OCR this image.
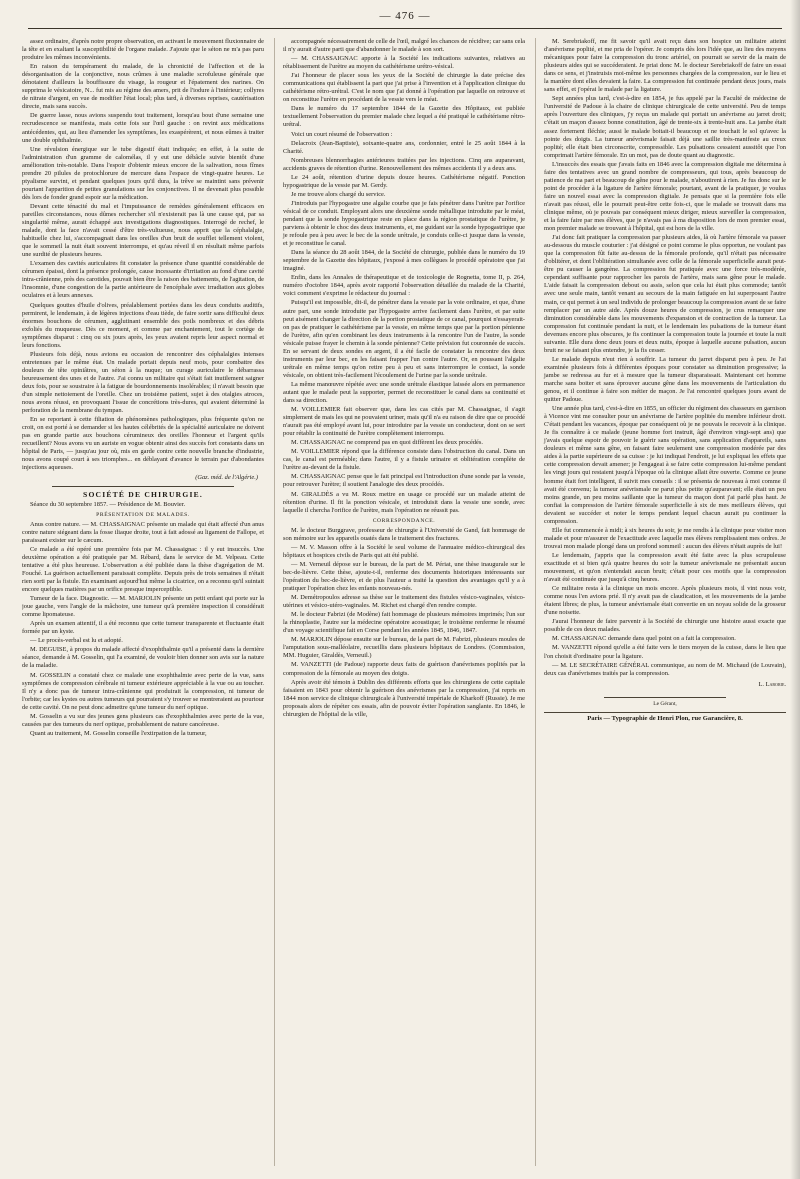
— 476 —

assez ordinaire, d'après notre propre observation, en activant le mouvement fluxionnaire de la tête et en exaltant la susceptibilité de l'organe malade. J'ajoute que le séton ne m'a pas paru produire les mêmes inconvénients.

En raison du tempérament du malade, de la chronicité de l'affection et de la désorganisation de la conjonctive, nous crûmes à une maladie scrofuleuse générale que dénotaient d'ailleurs la bouffissure du visage, la rougeur et l'épatement des narines. On supprima le vésicatoire, N... fut mis au régime des amers, prit de l'iodure à l'intérieur; collyres de nitrate d'argent, en vue de modifier l'état local; plus tard, à diverses reprises, cautérisation directe, mais sans succès.

De guerre lasse, nous avions suspendu tout traitement, lorsqu'au bout d'une semaine une recrudescence se manifesta, mais cette fois sur l'œil gauche : on revint aux médications antécédentes, qui, au lieu d'amender les symptômes, les exaspérèrent, et nous eûmes à traiter une double ophthalmie.

Une révulsion énergique sur le tube digestif était indiquée; en effet, à la suite de l'administration d'un gramme de calomélas, il y eut une débâcle suivie bientôt d'une amélioration très-notable. Dans l'espoir d'obtenir mieux encore de la salivation, nous fîmes prendre 20 pilules de protochlorure de mercure dans l'espace de vingt-quatre heures. Le ptyalisme survint, et pendant quelques jours qu'il dura, la trêve se maintint sans prévenir pourtant l'apparition de petites granulations sur les conjonctives. Il ne devenait plus possible dès lors de fonder grand espoir sur la médication.

Devant cette ténacité du mal et l'impuissance de remèdes généralement efficaces en pareilles circonstances, nous dûmes rechercher s'il n'existerait pas là une cause qui, par sa singularité même, aurait échappé aux investigations diagnostiques. Interrogé de rechef, le malade, dont la face n'avait cessé d'être très-vultueuse, nous apprit que la céphalalgie, habituelle chez lui, s'accompagnait dans les oreilles d'un bruit de soufflet tellement violent, que le sommeil la nuit était souvent interrompu, et qu'au réveil il en résultait même parfois une surdité de plusieurs heures.

L'examen des cavités auriculaires fit constater la présence d'une quantité considérable de cérumen épaissi, dont la présence prolongée, cause incessante d'irritation au fond d'une cavité intra-crânienne, près des carotides, pouvait bien être la raison des battements, de l'agitation, de l'insomnie, d'une congestion de la partie antérieure de l'encéphale avec irradiation aux globes oculaires et à leurs annexes.

Quelques gouttes d'huile d'olives, préalablement portées dans les deux conduits auditifs, permirent, le lendemain, à de légères injections d'eau tiède, de faire sortir sans difficulté deux énormes bouchons de cérumen, agglutinant ensemble des poils nombreux et des débris exfoliés du muqueuse. Dès ce moment, et comme par enchantement, tout le cortège de symptômes disparut : cinq ou six jours après, les yeux avaient repris leur aspect normal et leurs fonctions.

Plusieurs fois déjà, nous avions eu occasion de rencontrer des céphalalgies intenses entretenues par le même état. Un malade portait depuis neuf mois, pour combattre des douleurs de tête opiniâtres, un séton à la nuque; un curage auriculaire le débarrassa heureusement des unes et de l'autre. J'ai connu un militaire qui s'était fait inutilement saigner deux fois, pour se soustraire à la fatigue de bourdonnements insolérables; il n'avait besoin que d'un simple nettoiement de l'oreille. Chez un troisième patient, sujet à des otalgies atroces, nous avons réussi, en provoquant l'issue de concrétions très-dures, qui avaient déterminé la perforation de la membrane du tympan.

En se reportant à cette filiation de phénomènes pathologiques, plus fréquente qu'on ne croit, on est porté à se demander si les hautes célébrités de la spécialité auriculaire ne doivent pas en grande partie aux bouchons cérumineux des oreilles l'honneur et l'argent qu'ils recueillent? Nous avons vu un auriste en vogue obtenir ainsi des succès fort constants dans un hôpital de Paris, — jusqu'au jour où, mis en garde contre cette nouvelle branche d'industrie, nous avons coupé court à ses triomphes... en déblayant d'avance le terrain par d'abondantes injections aqueuses.

(Gaz. méd. de l'Algérie.)
SOCIÉTÉ DE CHIRURGIE.

Séance du 30 septembre 1857. — Présidence de M. Bouvier.

PRÉSENTATION DE MALADES.

Anus contre nature. — M. CHASSAIGNAC présente un malade qui était affecté d'un anus contre nature siégeant dans la fosse iliaque droite, tout à fait adossé au ligament de Fallope, et paraissant exister sur le cæcum.

Ce malade a été opéré une première fois par M. Chassaignac : il y eut insuccès. Une deuxième opération a été pratiquée par M. Rébard, dans le service de M. Velpeau. Cette tentative a été plus heureuse. L'observation a été publiée dans la thèse d'agrégation de M. Fouché. La guérison actuellement paraissait complète. Depuis près de trois semaines il n'était rien sorti par la fistule. En examinant aujourd'hui même la cicatrice, on a reconnu qu'il suintait encore quelques matières par un orifice presque imperceptible.

Tumeur de la face. Diagnostic. — M. MARJOLIN présente un petit enfant qui porte sur la joue gauche, vers l'angle de la mâchoire, une tumeur qu'à première inspection il considérait comme lipomateuse.

Après un examen attentif, il a été reconnu que cette tumeur transparente et fluctuante était formée par un kyste.

— Le procès-verbal est lu et adopté.

M. DEGUISE, à propos du malade affecté d'exophthalmie qu'il a présenté dans la dernière séance, demande à M. Gosselin, qui l'a examiné, de vouloir bien donner son avis sur la nature de la maladie.

M. GOSSELIN a constaté chez ce malade une exophthalmie avec perte de la vue, sans symptômes de compression cérébrale ni tumeur extérieure appréciable à la vue ou au toucher. Il n'y a donc pas de tumeur intra-crânienne qui produirait la compression, ni tumeur de l'orbite; car les kystes ou autres tumeurs qui pourraient s'y trouver se montreraient au pourtour de cette cavité. On ne peut donc admettre qu'une tumeur du nerf optique.

M. Gosselin a vu sur des jeunes gens plusieurs cas d'exophthalmies avec perte de la vue, causées par des tumeurs du nerf optique, probablement de nature cancéreuse.

Quant au traitement, M. Gosselin conseille l'extirpation de la tumeur,

accompagnée nécessairement de celle de l'œil, malgré les chances de récidive; car sans cela il n'y aurait d'autre parti que d'abandonner le malade à son sort.

— M. CHASSAIGNAC apporte à la Société les indications suivantes, relatives au rétablissement de l'urètre au moyen du cathétérisme urétro-vésical.

J'ai l'honneur de placer sous les yeux de la Société de chirurgie la date précise des communications qui établissent la part que j'ai prise à l'invention et à l'application clinique du cathétérisme rétro-urétral. C'est le nom que j'ai donné à l'opération par laquelle on retrouve et on reconstitue l'urètre en procédant de la vessie vers le méat.

Dans le numéro du 17 septembre 1844 de la Gazette des Hôpitaux, est publiée textuellement l'observation du premier malade chez lequel a été pratiqué le cathétérisme rétro-urétral.

Voici un court résumé de l'observation :

Delacroix (Jean-Baptiste), soixante-quatre ans, cordonnier, entré le 25 août 1844 à la Charité.

Nombreuses blennorrhagies antérieures traitées par les injections. Cinq ans auparavant, accidents graves de rétention d'urine. Renouvellement des mêmes accidents il y a deux ans.

Le 24 août, rétention d'urine depuis douze heures. Cathétérisme négatif. Ponction hypogastrique de la vessie par M. Gerdy.

Je me trouve alors chargé du service.

J'introduis par l'hypogastre une algalie courbe que je fais pénétrer dans l'urètre par l'orifice vésical de ce conduit. Employant alors une deuxième sonde métallique introduite par le méat, pendant que la sonde hypogastrique reste en place dans la région prostatique de l'urètre, je parviens à obtenir le choc des deux instruments, et, me guidant sur la sonde hypogastrique que je refoule peu à peu avec le bec de la sonde urétrale, je conduis celle-ci jusque dans la vessie, et je reconstitue le canal.

Dans la séance du 28 août 1844, de la Société de chirurgie, publiée dans le numéro du 19 septembre de la Gazette des hôpitaux, j'exposé à mes collègues le procédé opératoire que j'ai imaginé.

Enfin, dans les Annales de thérapeutique et de toxicologie de Rognetta, tome II, p. 264, numéro d'octobre 1844, après avoir rapporté l'observation détaillée du malade de la Charité, voici comment s'exprime le rédacteur du journal :

Puisqu'il est impossible, dit-il, de pénétrer dans la vessie par la voie ordinaire, et que, d'une autre part, une sonde introduite par l'hypogastre arrive facilement dans l'urètre, et par suite peut aisément changer la direction de la portion prostatique de ce canal, pourquoi n'essayerait-on pas de pratiquer le cathétérisme par la vessie, en même temps que par la portion pénienne de l'urètre, afin qu'en combinant les deux instruments à la rencontre l'un de l'autre, la sonde vésicale puisse frayer le chemin à la sonde pénienne? Cette prévision fut couronnée de succès. En se servant de deux sondes en argent, il a été facile de constater la rencontre des deux instruments par leur bec, en les faisant frapper l'un contre l'autre. Or, en poussant l'algalie urétrale en même temps qu'on retire peu à peu et sans interrompre le contact, la sonde vésicale, on obtient très-facilement l'écoulement de l'urine par la sonde urétrale.

La même manœuvre répétée avec une sonde urétrale élastique laissée alors en permanence autant que le malade peut la supporter, permet de reconstituer le canal dans sa continuité et dans sa direction.

M. VOILLEMIER fait observer que, dans les cas cités par M. Chassaignac, il s'agit simplement de mais les qui ne pouvaient uriner, mais qu'il n'a eu raison de dire que ce procédé n'aurait pas été employé avant lui, pour introduire par la vessie un conducteur, dont on se sert pour rétablir la continuité de l'urètre complètement interrompu.

M. CHASSAIGNAC ne comprend pas en quoi diffèrent les deux procédés.

M. VOILLEMIER répond que la différence consiste dans l'obstruction du canal. Dans un cas, le canal est perméable; dans l'autre, il y a fistule urinaire et oblitération complète de l'urètre au-devant de la fistule.

M. CHASSAIGNAC pense que le fait principal est l'introduction d'une sonde par la vessie, pour retrouver l'urètre; il soutient l'analogie des deux procédés.

M. GIRALDÈS a vu M. Roux mettre en usage ce procédé sur un malade atteint de rétention d'urine. Il fit la ponction vésicale, et introduisit dans la vessie une sonde, avec laquelle il chercha l'orifice de l'urètre, mais l'opération ne réussit pas.

CORRESPONDANCE.

M. le docteur Burggrave, professeur de chirurgie à l'Université de Gand, fait hommage de son mémoire sur les appareils ouatés dans le traitement des fractures.

— M. V. Masson offre à la Société le seul volume de l'annuaire médico-chirurgical des hôpitaux et hospices civils de Paris qui ait été publié.

— M. Verneuil dépose sur le bureau, de la part de M. Périat, une thèse inaugurale sur le bec-de-lièvre. Cette thèse, ajoute-t-il, renferme des documents historiques intéressants sur l'opération du bec-de-lièvre, et de plus l'auteur a traité la question des avantages qu'il y a à pratiquer l'opération chez les enfants nouveau-nés.

M. Demétropoulos adresse sa thèse sur le traitement des fistules vésico-vaginales, vésico-utérines et vésico-utéro-vaginales. M. Richet est chargé d'en rendre compte.

M. le docteur Fabrizi (de Modène) fait hommage de plusieurs mémoires imprimés; l'un sur la rhinoplastie, l'autre sur la médecine opératoire acoustique; le troisième renferme le résumé d'un voyage scientifique fait en Corse pendant les années 1845, 1846, 1847.

M. MARJOLIN dépose ensuite sur le bureau, de la part de M. Fabrizi, plusieurs moules de l'amputation sous-malléolaire, recueillis dans plusieurs hôpitaux de Londres. (Commission, MM. Huguier, Giraldès, Verneuil.)

M. VANZETTI (de Padoue) rapporte deux faits de guérison d'anévrismes poplités par la compression de la fémorale au moyen des doigts.

Après avoir été témoin à Dublin des différents efforts que les chirurgiens de cette capitale faisaient en 1843 pour obtenir la guérison des anévrismes par la compression, j'ai repris en 1844 mon service de clinique chirurgicale à l'université impériale de Kharkoff (Russie). Je me proposais alors de répéter ces essais, afin de pouvoir éviter l'opération sanglante. En 1846, le chirurgien de l'hôpital de la ville,

M. Serebriakoff, me fit savoir qu'il avait reçu dans son hospice un militaire atteint d'anévrisme poplité, et me pria de l'opérer. Je compris dès lors l'idée que, au lieu des moyens mécaniques pour faire la compression du tronc artériel, on pourrait se servir de la main de plusieurs aides qui se succéderaient. Je priai donc M. le docteur Serebriakoff de faire un essai dans ce sens, et j'instruisis moi-même les personnes chargées de la compression, sur le lieu et la manière dont elles devaient la faire. La compression fut continuée pendant deux jours, mais sans effet, et j'opérai le malade par la ligature.

Sept années plus tard, c'est-à-dire en 1854, je fus appelé par la Faculté de médecine de l'université de Padoue à la chaire de clinique chirurgicale de cette université. Peu de temps après l'ouverture des cliniques, j'y reçus un malade qui portait un anévrisme au jarret droit; c'était un maçon d'assez bonne constitution, âgé de trente-six à trente-huit ans. La jambe était assez fortement fléchie; aussi le malade boitait-il beaucoup et ne touchait le sol qu'avec la pointe des doigts. La tumeur anévrismale faisait déjà une saillie très-manifeste au creux poplité; elle était bien circonscrite, compressible. Les pulsations cessaient aussitôt que l'on comprimait l'artère fémorale. En un mot, pas de doute quant au diagnostic.

L'insuccès des essais que j'avais faits en 1846 avec la compression digitale me détermina à faire des tentatives avec un grand nombre de compresseurs, qui tous, après beaucoup de patience de ma part et beaucoup de gêne pour le malade, n'aboutirent à rien. Je fus donc sur le point de procéder à la ligature de l'artère fémorale; pourtant, avant de la pratiquer, je voulus faire un nouvel essai avec la compression digitale. Je pensais que si la première fois elle n'avait pas réussi, elle le pourrait peut-être cette fois-ci, que le malade se trouvait dans ma clinique même, où je pouvais par conséquent mieux diriger, mieux surveiller la compression, et la faire faire par mes élèves, que je n'avais pas à ma disposition lors de mon premier essai, mon premier malade se trouvant à l'hôpital, qui est hors de la ville.

J'ai donc fait pratiquer la compression par plusieurs aides, là où l'artère fémorale va passer au-dessous du muscle couturier : j'ai désigné ce point comme le plus opportun, ne voulant pas que la compression fût faite au-dessus de la fémorale profonde, qu'il n'était pas nécessaire d'oblitérer, et dont l'oblitération simultanée avec celle de la fémorale superficielle aurait peut-être pu causer la gangrène. La compression fut pratiquée avec une force très-modérée, cependant suffisante pour rapprocher les parois de l'artère, mais sans gêne pour le malade. L'aide faisait la compression debout ou assis, selon que cela lui était plus commode; tantôt avec une seule main, tantôt venant au secours de la main fatiguée en lui superposant l'autre main, ce qui permet à un seul individu de prolonger beaucoup la compression avant de se faire remplacer par un autre aide. Après douze heures de compression, je crus remarquer une diminution considérable dans les mouvements d'expansion et de contraction de la tumeur. La compression fut continuée pendant la nuit, et le lendemain les pulsations de la tumeur étant devenues encore plus obscures, je fis continuer la compression toute la journée et toute la nuit suivante. Elle dura donc deux jours et deux nuits, époque à laquelle aucune pulsation, aucun bruit ne se faisant plus entendre, je la fis cesser.

Le malade depuis n'eut rien à souffrir. La tumeur du jarret disparut peu à peu. Je l'ai examinée plusieurs fois à différentes époques pour constater sa diminution progressive; la jambe se redressa au fur et à mesure que la tumeur disparaissait. Maintenant cet homme marche sans boiter et sans éprouver aucune gêne dans les mouvements de l'articulation du genou, et il continue à faire son métier de maçon. Je l'ai rencontré quelques jours avant de quitter Padoue.

Une année plus tard, c'est-à-dire en 1855, un officier du régiment des chasseurs en garnison à Vicence vint me consulter pour un anévrisme de l'artère poplitée du membre inférieur droit. C'était pendant les vacances, époque par conséquent où je ne pouvais le recevoir à la clinique. Je fis connaître à ce malade (jeune homme fort instruit, âgé d'environ vingt-sept ans) que j'avais quelque espoir de pouvoir le guérir sans opération, sans application d'appareils, sans douleurs et même sans gêne, en faisant faire seulement une compression modérée par des aides à la partie supérieure de sa cuisse : je lui indiquai l'endroit, je lui expliquai les effets que cette compression devait amener; je l'engageai à se faire cette compression lui-même pendant les vingt jours qui restaient jusqu'à l'époque où la clinique allait être ouverte. Comme ce jeune homme était fort intelligent, il suivit mes conseils : il se présenta de nouveau à moi comme il avait été convenu; la tumeur anévrismale ne parut plus petite qu'auparavant; elle était un peu moins grande, un peu moins saillante que la tumeur du maçon dont j'ai parlé plus haut. Je confiai la compression de l'artère fémorale superficielle à six de mes meilleurs élèves, qui devaient se succéder et noter le temps pendant lequel chacun aurait pu continuer la compression.

Elle fut commencée à midi; à six heures du soir, je me rendis à la clinique pour visiter mon malade et pour m'assurer de l'exactitude avec laquelle mes élèves remplissaient mes ordres. Je trouvai mon malade plongé dans un profond sommeil : aucun des élèves n'était auprès de lui!

Le lendemain, j'appris que la compression avait été faite avec la plus scrupuleuse exactitude et si bien qu'à quatre heures du soir la tumeur anévrismale ne présentait aucun mouvement, et qu'on n'entendait aucun bruit; c'était pour ces motifs que la compression n'avait été continuée que jusqu'à cinq heures.

Ce militaire resta à la clinique un mois encore. Après plusieurs mois, il vint nous voir, comme nous l'en avions prié. Il n'y avait pas de claudication, et les mouvements de la jambe étaient libres; de plus, la tumeur anévrismale était convertie en un noyau solide de la grosseur d'une noisette.

J'aurai l'honneur de faire parvenir à la Société de chirurgie une histoire aussi exacte que possible de ces deux malades.

M. CHASSAIGNAC demande dans quel point on a fait la compression.

M. VANZETTI répond qu'elle a été faite vers le tiers moyen de la cuisse, dans le lieu que l'on choisit d'ordinaire pour la ligature.

— M. LE SECRÉTAIRE GÉNÉRAL communique, au nom de M. Michaud (de Louvain), deux cas d'anévrismes traités par la compression.

L. Laborie.
Le Gérant,
Paris — Typographie de Henri Plon, rue Garancière, 8.
